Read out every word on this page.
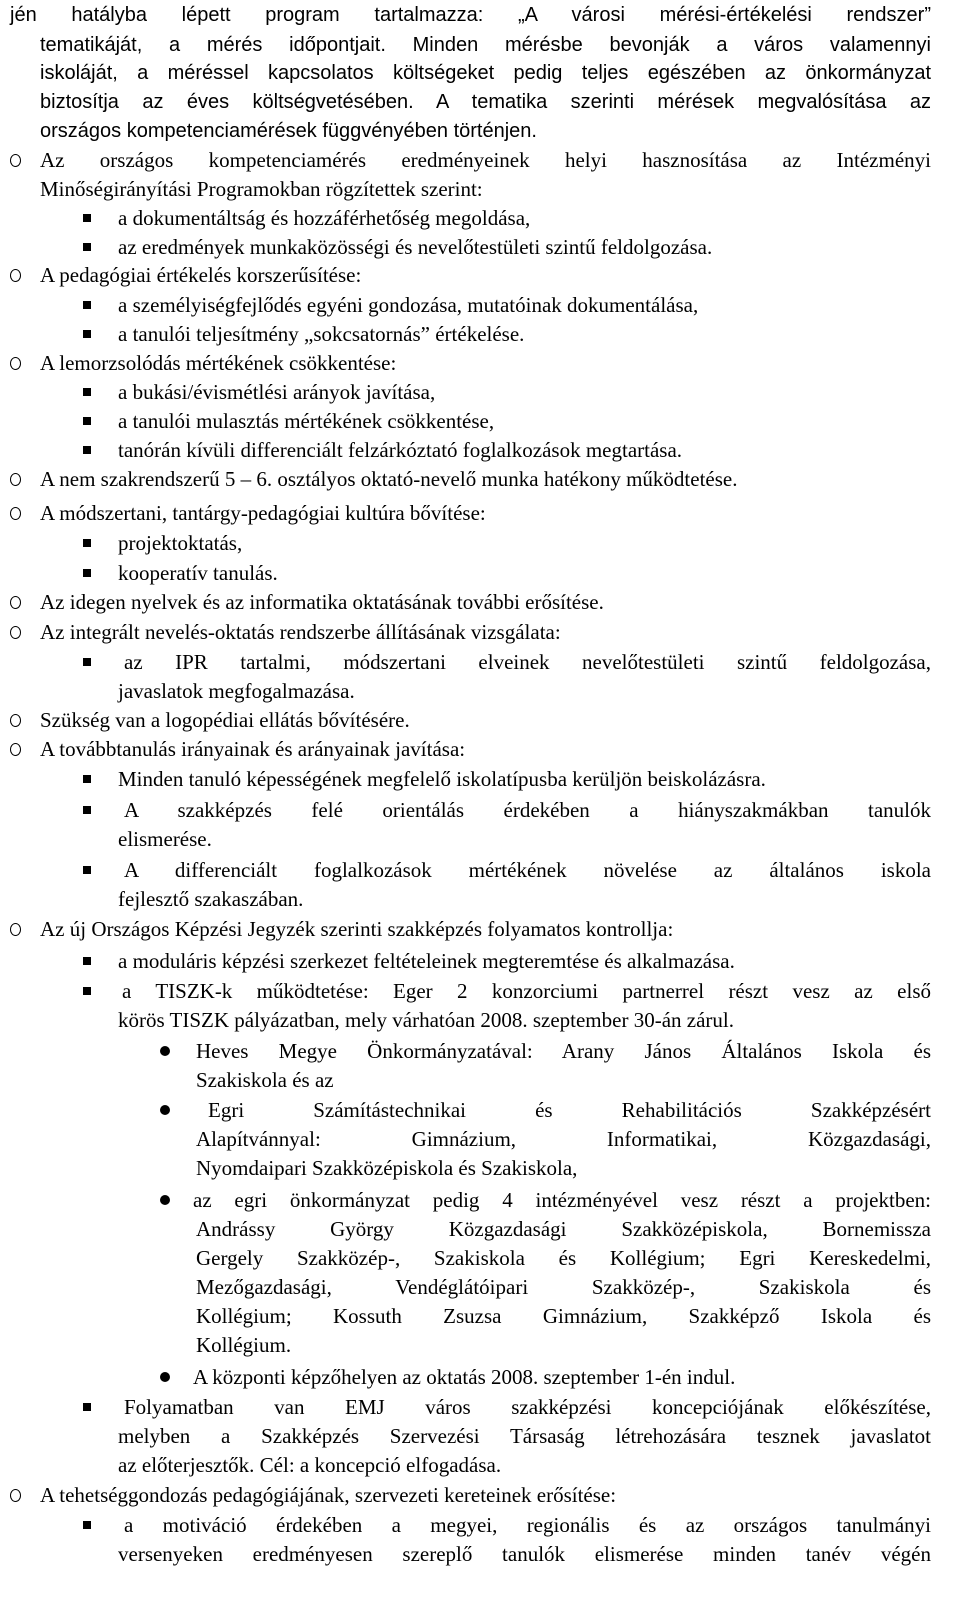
jén hatályba lépett program tartalmazza: „A városi mérési-értékelési rendszer”
tematikáját, a mérés időpontjait. Minden mérésbe bevonják a város valamennyi
iskoláját, a méréssel kapcsolatos költségeket pedig teljes egészében az önkormányzat
biztosítja az éves költségvetésében. A tematika szerinti mérések megvalósítása az
országos kompetenciamérések függvényében történjen.
Az országos kompetenciamérés eredményeinek helyi hasznosítása az Intézményi
Minőségirányítási Programokban rögzítettek szerint:
a dokumentáltság és hozzáférhetőség megoldása,
az eredmények munkaközösségi és nevelőtestületi szintű feldolgozása.
A pedagógiai értékelés korszerűsítése:
a személyiségfejlődés egyéni gondozása, mutatóinak dokumentálása,
a tanulói teljesítmény „sokcsatornás” értékelése.
A lemorzsolódás mértékének csökkentése:
a bukási/évismétlési arányok javítása,
a tanulói mulasztás mértékének csökkentése,
tanórán kívüli differenciált felzárkóztató foglalkozások megtartása.
A nem szakrendszerű 5 – 6. osztályos oktató-nevelő munka hatékony működtetése.
A módszertani, tantárgy-pedagógiai kultúra bővítése:
projektoktatás,
kooperatív tanulás.
Az idegen nyelvek és az informatika oktatásának további erősítése.
Az integrált nevelés-oktatás rendszerbe állításának vizsgálata:
az IPR tartalmi, módszertani elveinek nevelőtestületi szintű feldolgozása,
javaslatok megfogalmazása.
Szükség van a logopédiai ellátás bővítésére.
A továbbtanulás irányainak és arányainak javítása:
Minden tanuló képességének megfelelő iskolatípusba kerüljön beiskolázásra.
A szakképzés felé orientálás érdekében a hiányszakmákban tanulók
elismerése.
A differenciált foglalkozások mértékének növelése az általános iskola
fejlesztő szakaszában.
Az új Országos Képzési Jegyzék szerinti szakképzés folyamatos kontrollja:
a moduláris képzési szerkezet feltételeinek megteremtése és alkalmazása.
a TISZK-k működtetése: Eger 2 konzorciumi partnerrel részt vesz az első
körös TISZK pályázatban, mely várhatóan 2008. szeptember 30-án zárul.
Heves Megye Önkormányzatával: Arany János Általános Iskola és
Szakiskola és az
Egri Számítástechnikai és Rehabilitációs Szakképzésért
Alapítvánnyal: Gimnázium, Informatikai, Közgazdasági,
Nyomdaipari Szakközépiskola és Szakiskola,
az egri önkormányzat pedig 4 intézményével vesz részt a projektben:
Andrássy György Közgazdasági Szakközépiskola, Bornemissza
Gergely Szakközép-, Szakiskola és Kollégium; Egri Kereskedelmi,
Mezőgazdasági, Vendéglátóipari Szakközép-, Szakiskola és
Kollégium; Kossuth Zsuzsa Gimnázium, Szakképző Iskola és
Kollégium.
A központi képzőhelyen az oktatás 2008. szeptember 1-én indul.
Folyamatban van EMJ város szakképzési koncepciójának előkészítése,
melyben a Szakképzés Szervezési Társaság létrehozására tesznek javaslatot
az előterjesztők. Cél: a koncepció elfogadása.
A tehetséggondozás pedagógiájának, szervezeti kereteinek erősítése:
a motiváció érdekében a megyei, regionális és az országos tanulmányi
versenyeken eredményesen szereplő tanulók elismerése minden tanév végén
